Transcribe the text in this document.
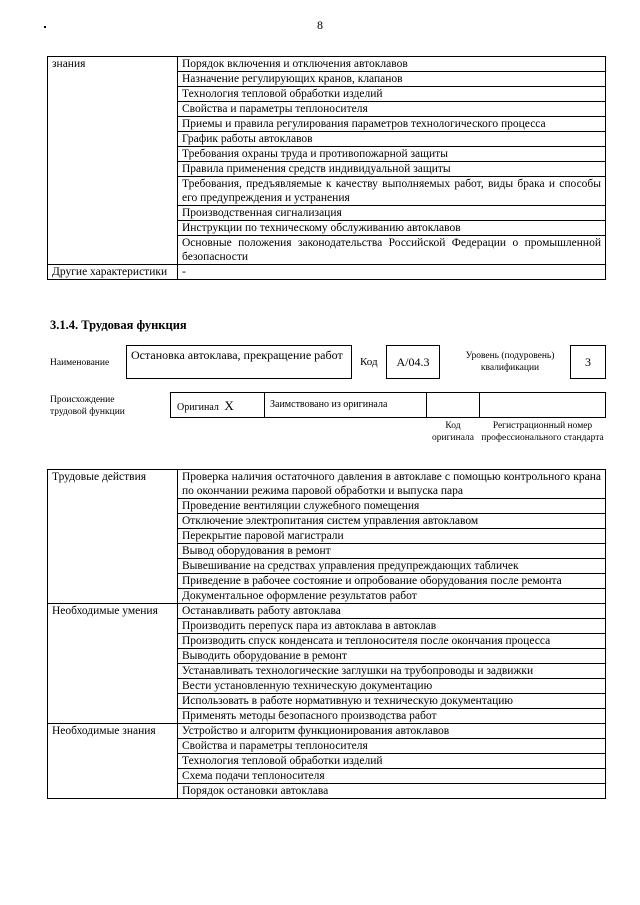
8
знания	Порядок включения и отключения автоклавов
	Назначение регулирующих кранов, клапанов
	Технология тепловой обработки изделий
	Свойства и параметры теплоносителя
	Приемы и правила регулирования параметров технологического процесса
	График работы автоклавов
	Требования охраны труда и противопожарной защиты
	Правила применения средств индивидуальной защиты
	Требования, предъявляемые к качеству выполняемых работ, виды брака и способы его предупреждения и устранения
	Производственная сигнализация
	Инструкции по техническому обслуживанию автоклавов
	Основные положения законодательства Российской Федерации о промышленной безопасности
Другие характеристики	-
3.1.4. Трудовая функция
Наименование
Остановка автоклава, прекращение работ	Код	А/04.3	Уровень (подуровень) квалификации	3
Происхождение трудовой функции	Оригинал Х	Заимствовано из оригинала
Код оригинала
Регистрационный номер профессионального стандарта
Трудовые действия	Проверка наличия остаточного давления в автоклаве с помощью контрольного крана по окончании режима паровой обработки и выпуска пара
	Проведение вентиляции служебного помещения
	Отключение электропитания систем управления автоклавом
	Перекрытие паровой магистрали
	Вывод оборудования в ремонт
	Вывешивание на средствах управления предупреждающих табличек
	Приведение в рабочее состояние и опробование оборудования после ремонта
	Документальное оформление результатов работ
Необходимые умения	Останавливать работу автоклава
	Производить перепуск пара из автоклава в автоклав
	Производить спуск конденсата и теплоносителя после окончания процесса
	Выводить оборудование в ремонт
	Устанавливать технологические заглушки на трубопроводы и задвижки
	Вести установленную техническую документацию
	Использовать в работе нормативную и техническую документацию
	Применять методы безопасного производства работ
Необходимые знания	Устройство и алгоритм функционирования автоклавов
	Свойства и параметры теплоносителя
	Технология тепловой обработки изделий
	Схема подачи теплоносителя
	Порядок остановки автоклава
